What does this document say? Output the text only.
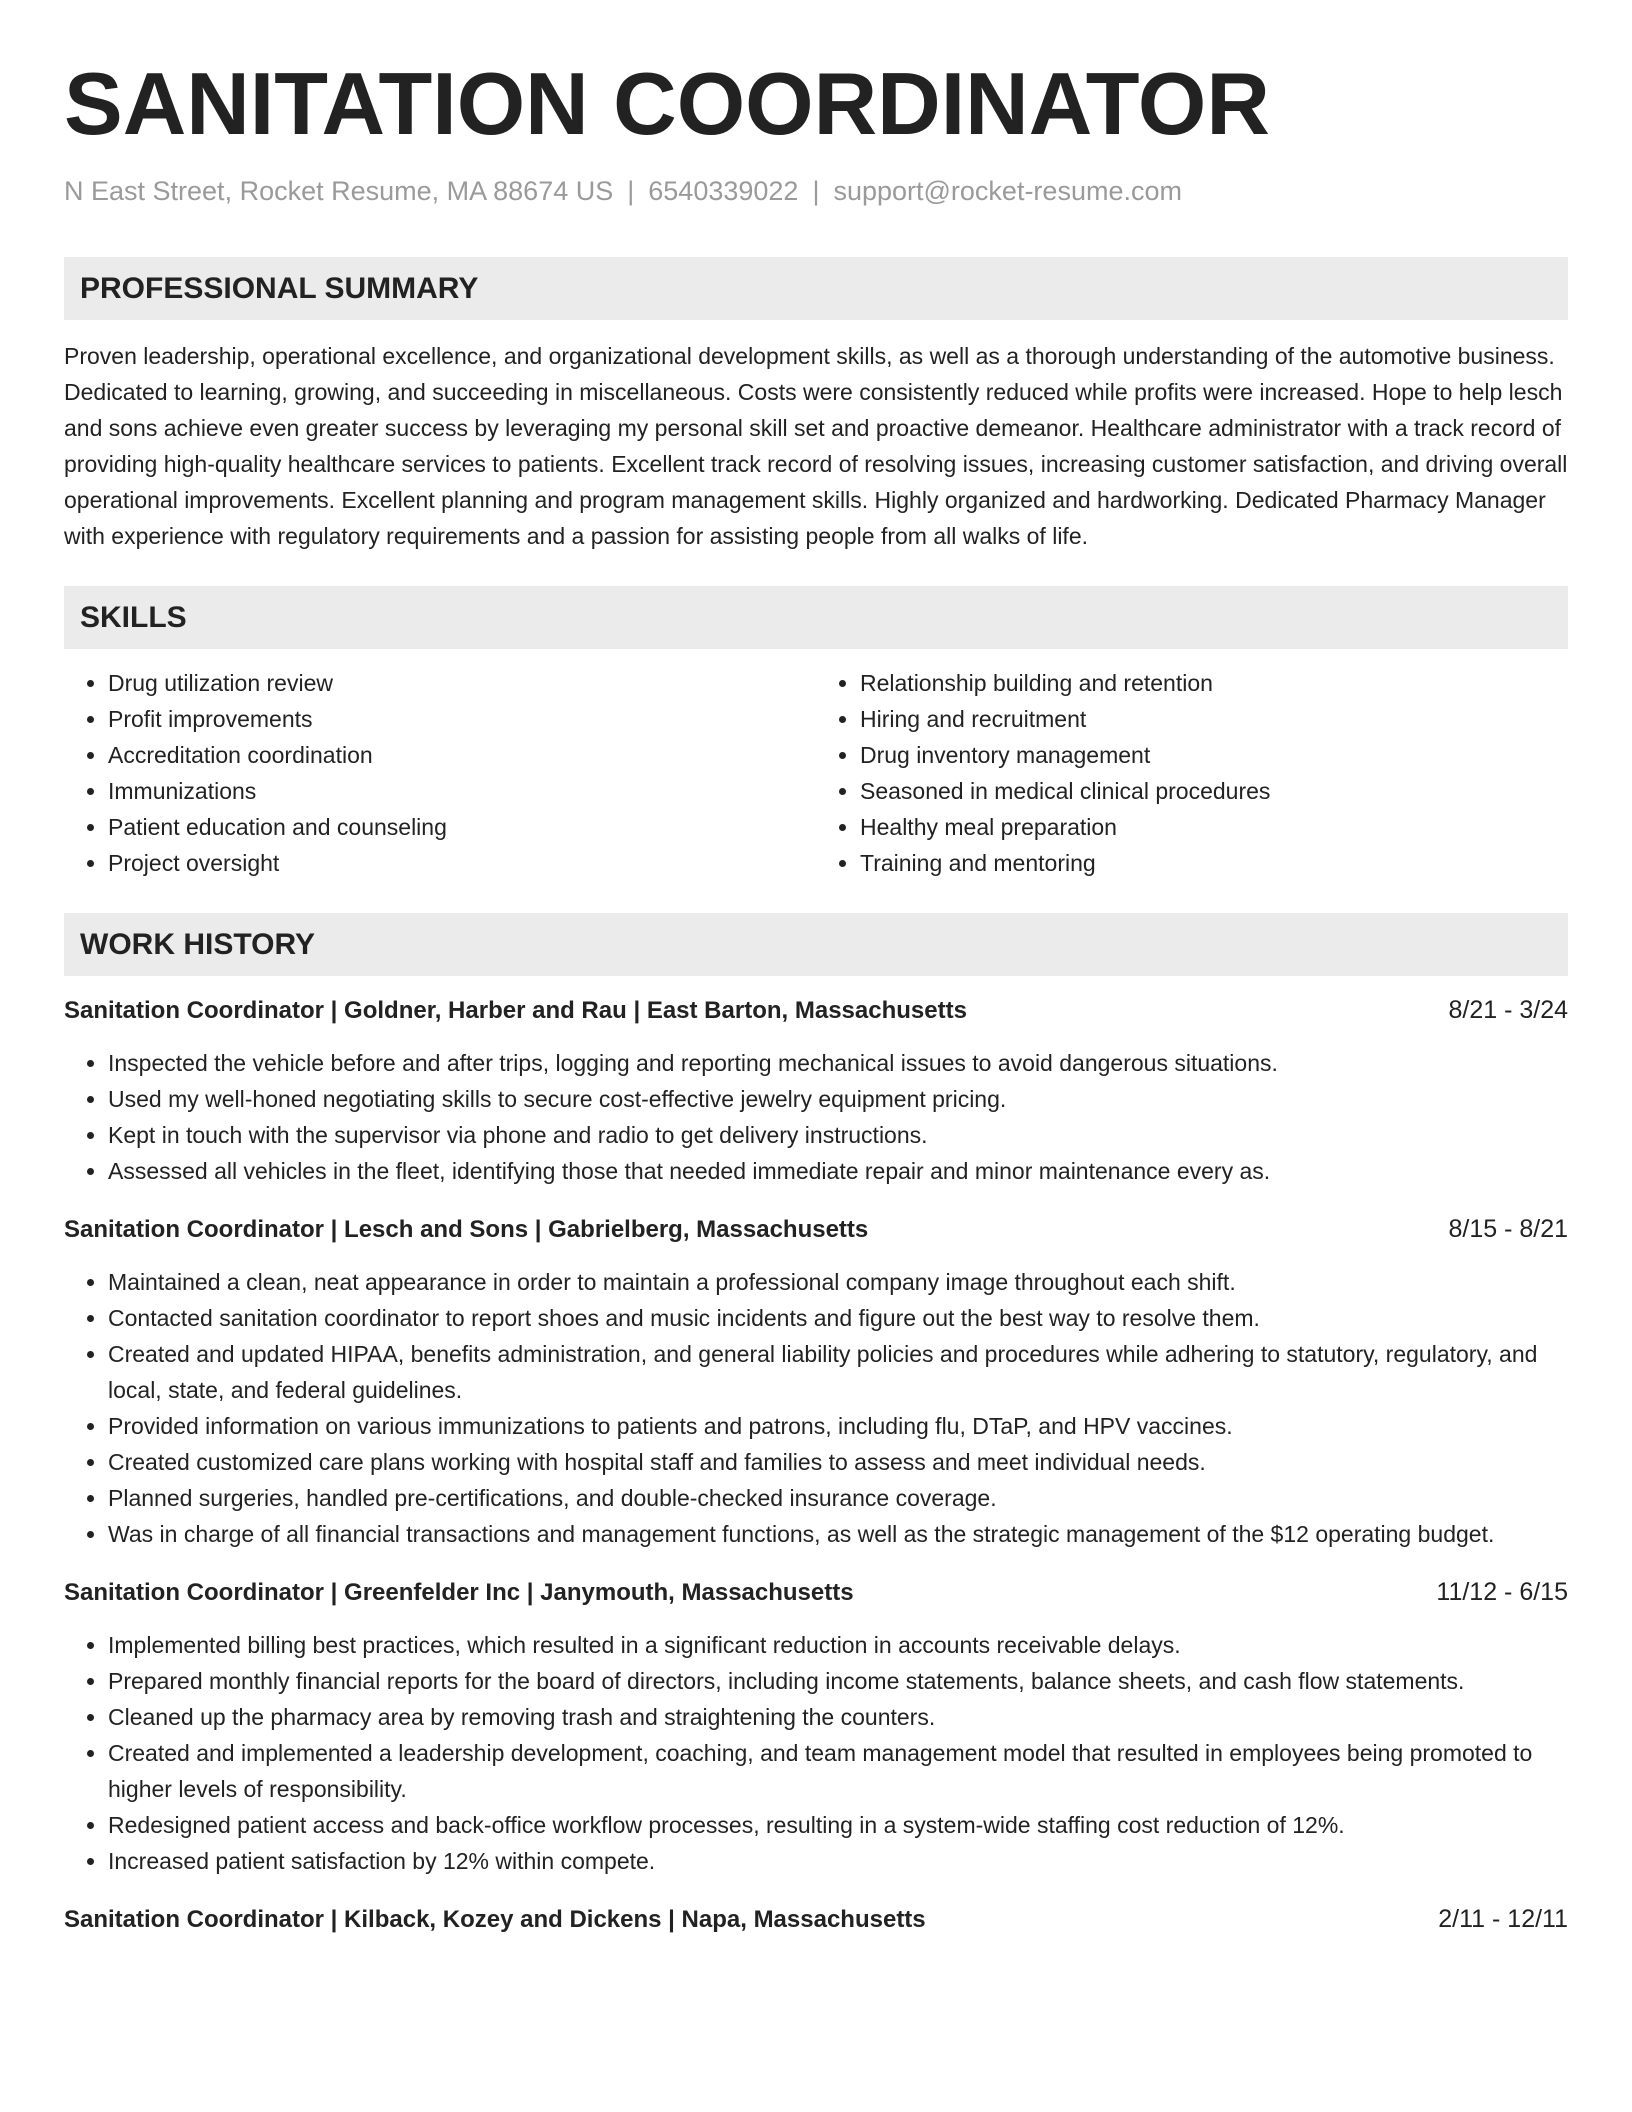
SANITATION COORDINATOR
N East Street, Rocket Resume, MA 88674 US | 6540339022 | support@rocket-resume.com
PROFESSIONAL SUMMARY
Proven leadership, operational excellence, and organizational development skills, as well as a thorough understanding of the automotive business. Dedicated to learning, growing, and succeeding in miscellaneous. Costs were consistently reduced while profits were increased. Hope to help lesch and sons achieve even greater success by leveraging my personal skill set and proactive demeanor. Healthcare administrator with a track record of providing high-quality healthcare services to patients. Excellent track record of resolving issues, increasing customer satisfaction, and driving overall operational improvements. Excellent planning and program management skills. Highly organized and hardworking. Dedicated Pharmacy Manager with experience with regulatory requirements and a passion for assisting people from all walks of life.
SKILLS
• Drug utilization review
• Profit improvements
• Accreditation coordination
• Immunizations
• Patient education and counseling
• Project oversight
• Relationship building and retention
• Hiring and recruitment
• Drug inventory management
• Seasoned in medical clinical procedures
• Healthy meal preparation
• Training and mentoring
WORK HISTORY
Sanitation Coordinator | Goldner, Harber and Rau | East Barton, Massachusetts	8/21 - 3/24
• Inspected the vehicle before and after trips, logging and reporting mechanical issues to avoid dangerous situations.
• Used my well-honed negotiating skills to secure cost-effective jewelry equipment pricing.
• Kept in touch with the supervisor via phone and radio to get delivery instructions.
• Assessed all vehicles in the fleet, identifying those that needed immediate repair and minor maintenance every as.
Sanitation Coordinator | Lesch and Sons | Gabrielberg, Massachusetts	8/15 - 8/21
• Maintained a clean, neat appearance in order to maintain a professional company image throughout each shift.
• Contacted sanitation coordinator to report shoes and music incidents and figure out the best way to resolve them.
• Created and updated HIPAA, benefits administration, and general liability policies and procedures while adhering to statutory, regulatory, and local, state, and federal guidelines.
• Provided information on various immunizations to patients and patrons, including flu, DTaP, and HPV vaccines.
• Created customized care plans working with hospital staff and families to assess and meet individual needs.
• Planned surgeries, handled pre-certifications, and double-checked insurance coverage.
• Was in charge of all financial transactions and management functions, as well as the strategic management of the $12 operating budget.
Sanitation Coordinator | Greenfelder Inc | Janymouth, Massachusetts	11/12 - 6/15
• Implemented billing best practices, which resulted in a significant reduction in accounts receivable delays.
• Prepared monthly financial reports for the board of directors, including income statements, balance sheets, and cash flow statements.
• Cleaned up the pharmacy area by removing trash and straightening the counters.
• Created and implemented a leadership development, coaching, and team management model that resulted in employees being promoted to higher levels of responsibility.
• Redesigned patient access and back-office workflow processes, resulting in a system-wide staffing cost reduction of 12%.
• Increased patient satisfaction by 12% within compete.
Sanitation Coordinator | Kilback, Kozey and Dickens | Napa, Massachusetts	2/11 - 12/11
